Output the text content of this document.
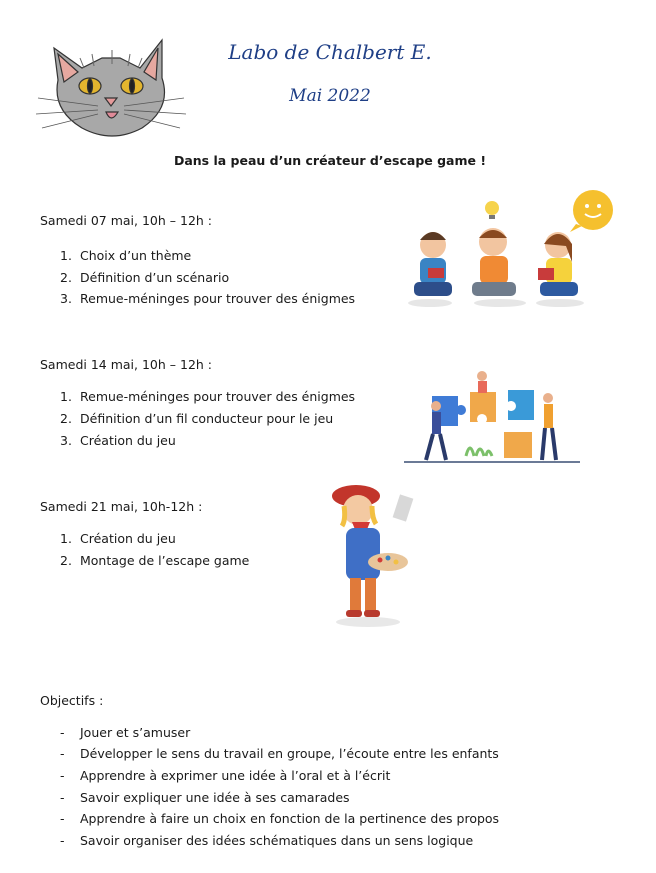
Labo de Chalbert E.
Mai 2022
Dans la peau d’un créateur d’escape game !
Samedi 07 mai, 10h – 12h :
1. Choix d’un thème
2. Définition d’un scénario
3. Remue-méninges pour trouver des énigmes
Samedi 14 mai, 10h – 12h :
1. Remue-méninges pour trouver des énigmes
2. Définition d’un fil conducteur pour le jeu
3. Création du jeu
Samedi 21 mai, 10h-12h :
1. Création du jeu
2. Montage de l’escape game
Objectifs :
- Jouer et s’amuser
- Développer le sens du travail en groupe, l’écoute entre les enfants
- Apprendre à exprimer une idée à l’oral et à l’écrit
- Savoir expliquer une idée à ses camarades
- Apprendre à faire un choix en fonction de la pertinence des propos
- Savoir organiser des idées schématiques dans un sens logique
